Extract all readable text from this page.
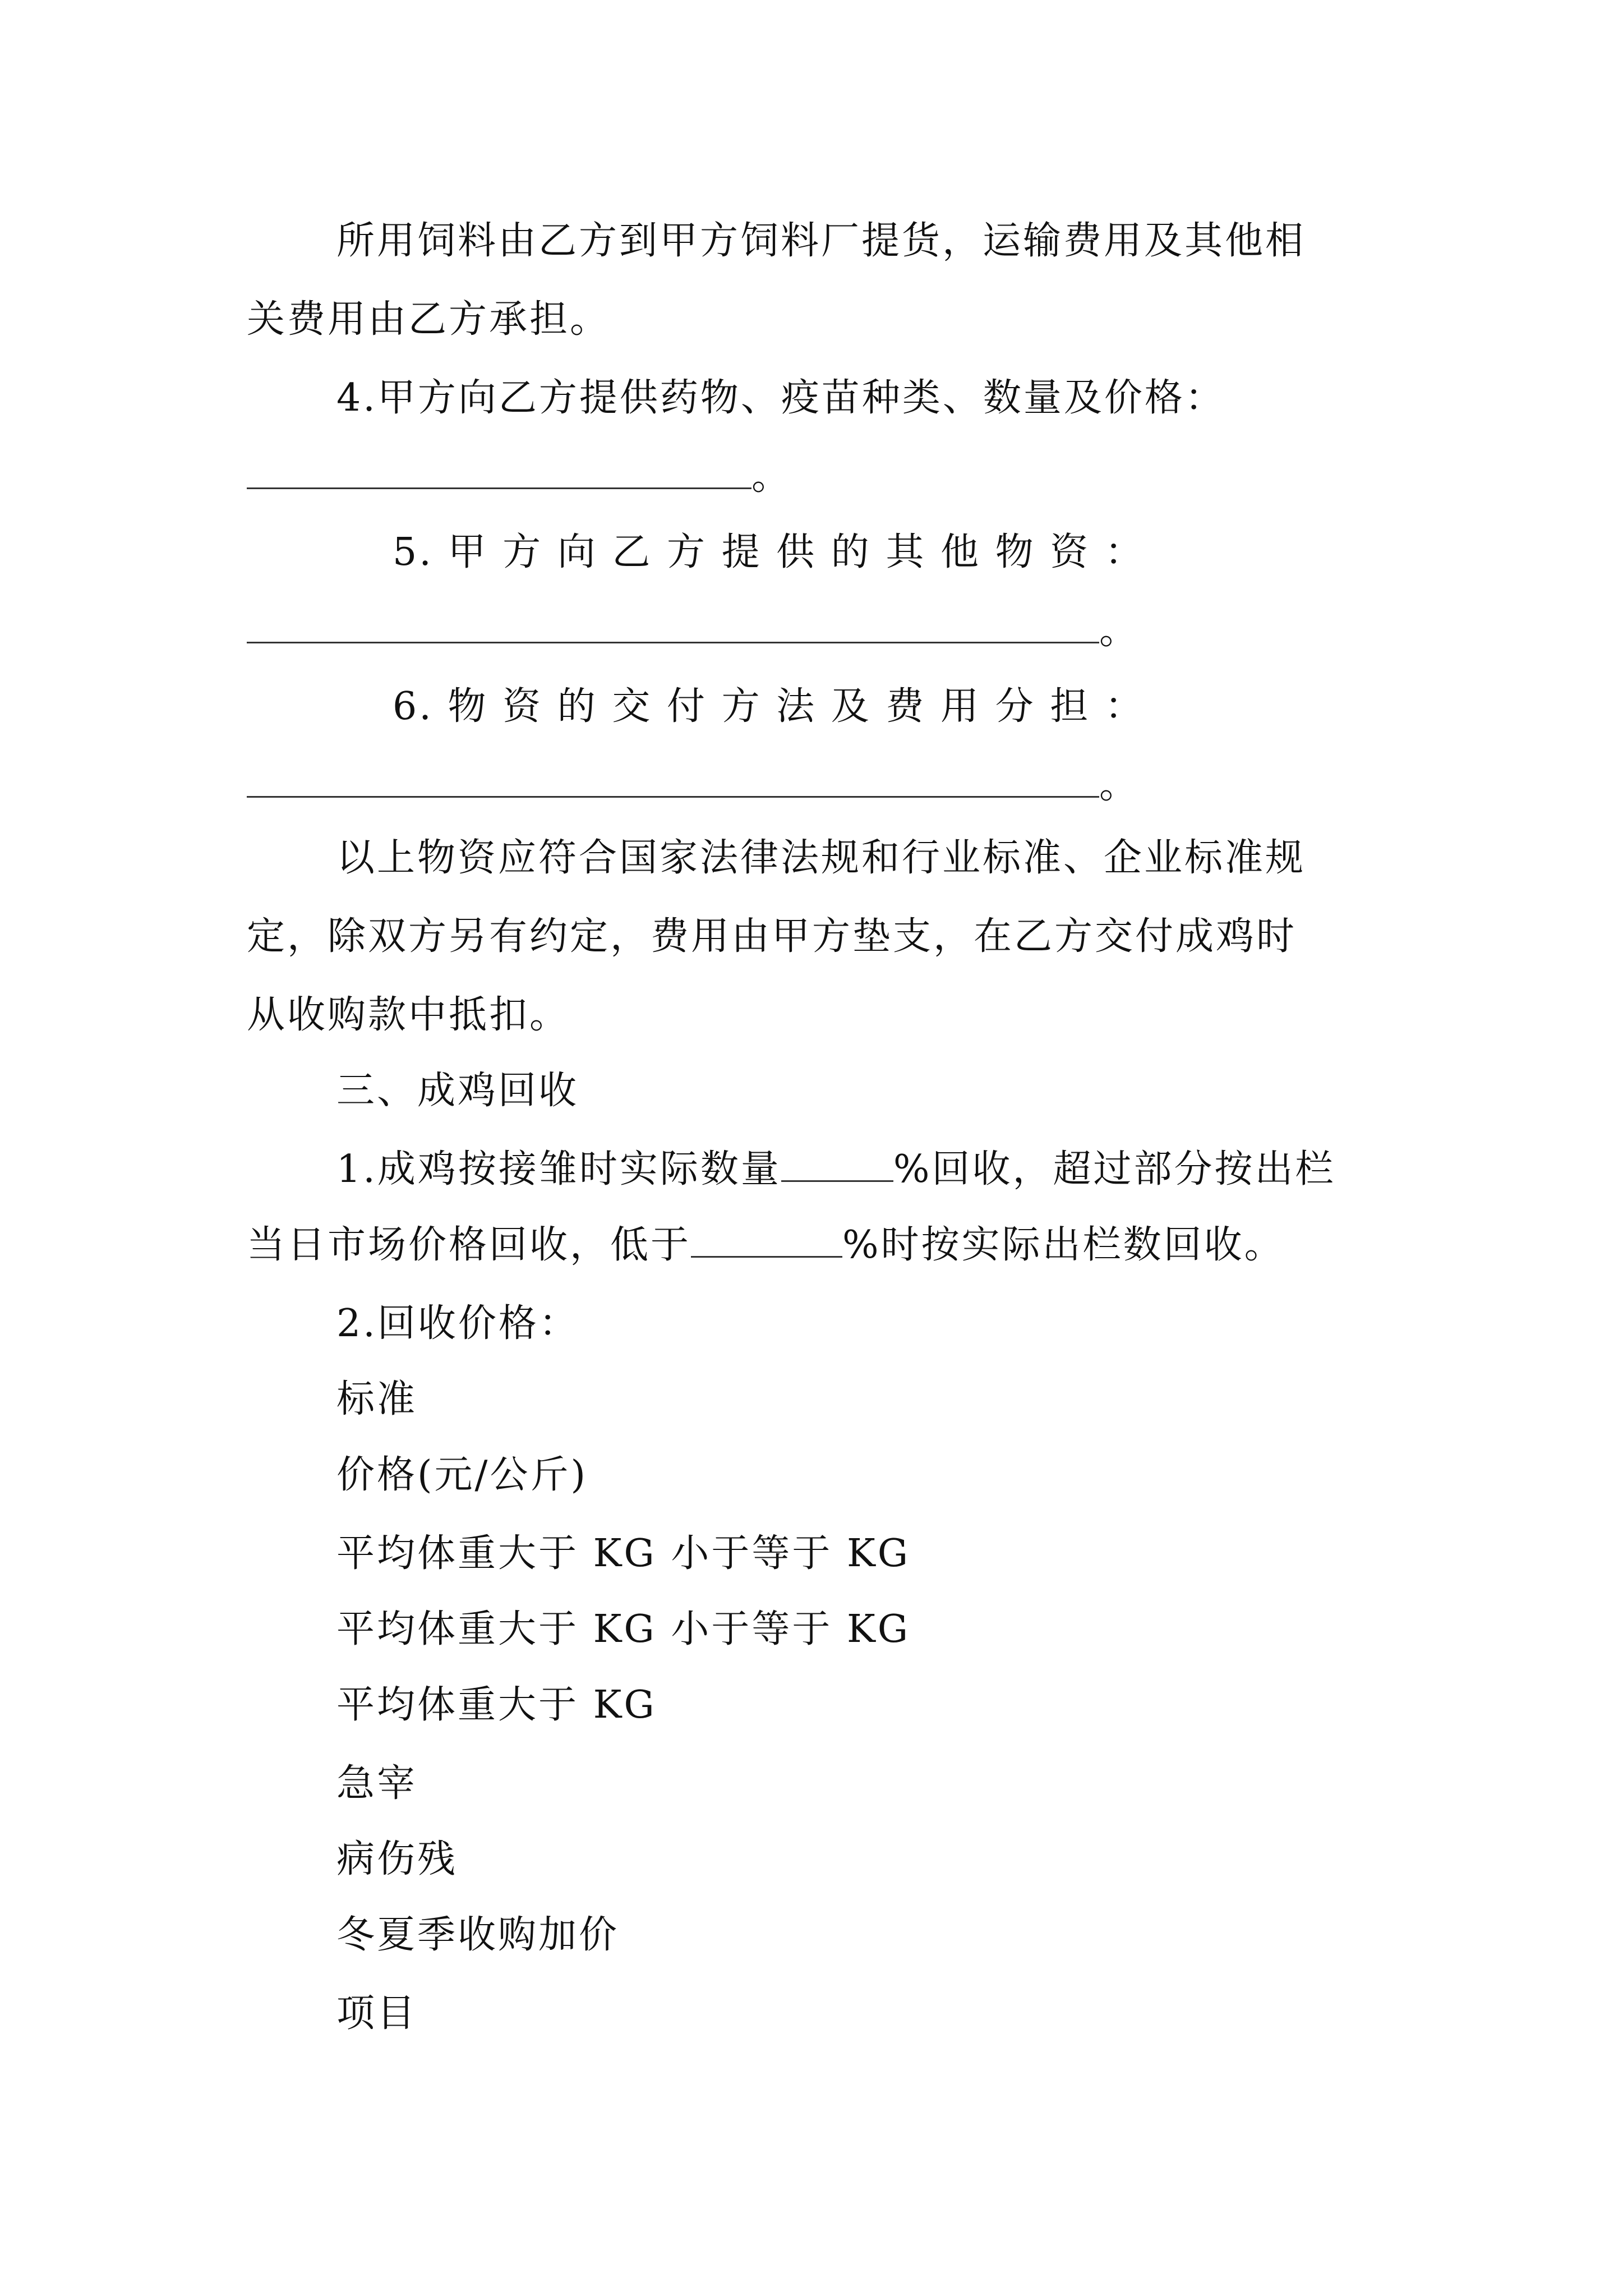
所用饲料由乙方到甲方饲料厂提货，运输费用及其他相
关费用由乙方承担。
4.甲方向乙方提供药物、疫苗种类、数量及价格：
。
5. 甲 方 向 乙 方 提 供 的 其 他 物 资 ：
。
6. 物 资 的 交 付 方 法 及 费 用 分 担 ：
。
以上物资应符合国家法律法规和行业标准、企业标准规
定，除双方另有约定，费用由甲方垫支，在乙方交付成鸡时
从收购款中抵扣。
三、成鸡回收
1.成鸡按接雏时实际数量	%回收，超过部分按出栏
当日市场价格回收，低于	%时按实际出栏数回收。
2.回收价格：
标准
价格(元/公斤)
平均体重大于 KG 小于等于 KG
平均体重大于 KG 小于等于 KG
平均体重大于 KG
急宰
病伤残
冬夏季收购加价
项目
